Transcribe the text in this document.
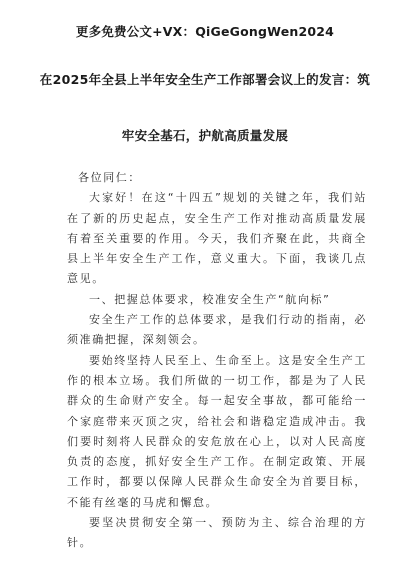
更多免费公文+VX：QiGeGongWen2024
在2025年全县上半年安全生产工作部署会议上的发言：筑
牢安全基石，护航高质量发展

各位同仁：

大家好！在这“十四五”规划的关键之年，我们站在了新的历史起点，安全生产工作对推动高质量发展有着至关重要的作用。今天，我们齐聚在此，共商全县上半年安全生产工作，意义重大。下面，我谈几点意见。

一、把握总体要求，校准安全生产“航向标”

安全生产工作的总体要求，是我们行动的指南，必须准确把握，深刻领会。

要始终坚持人民至上、生命至上。这是安全生产工作的根本立场。我们所做的一切工作，都是为了人民群众的生命财产安全。每一起安全事故，都可能给一个家庭带来灭顶之灾，给社会和谐稳定造成冲击。我们要时刻将人民群众的安危放在心上，以对人民高度负责的态度，抓好安全生产工作。在制定政策、开展工作时，都要以保障人民群众生命安全为首要目标，不能有丝毫的马虎和懈怠。

要坚决贯彻安全第一、预防为主、综合治理的方针。
